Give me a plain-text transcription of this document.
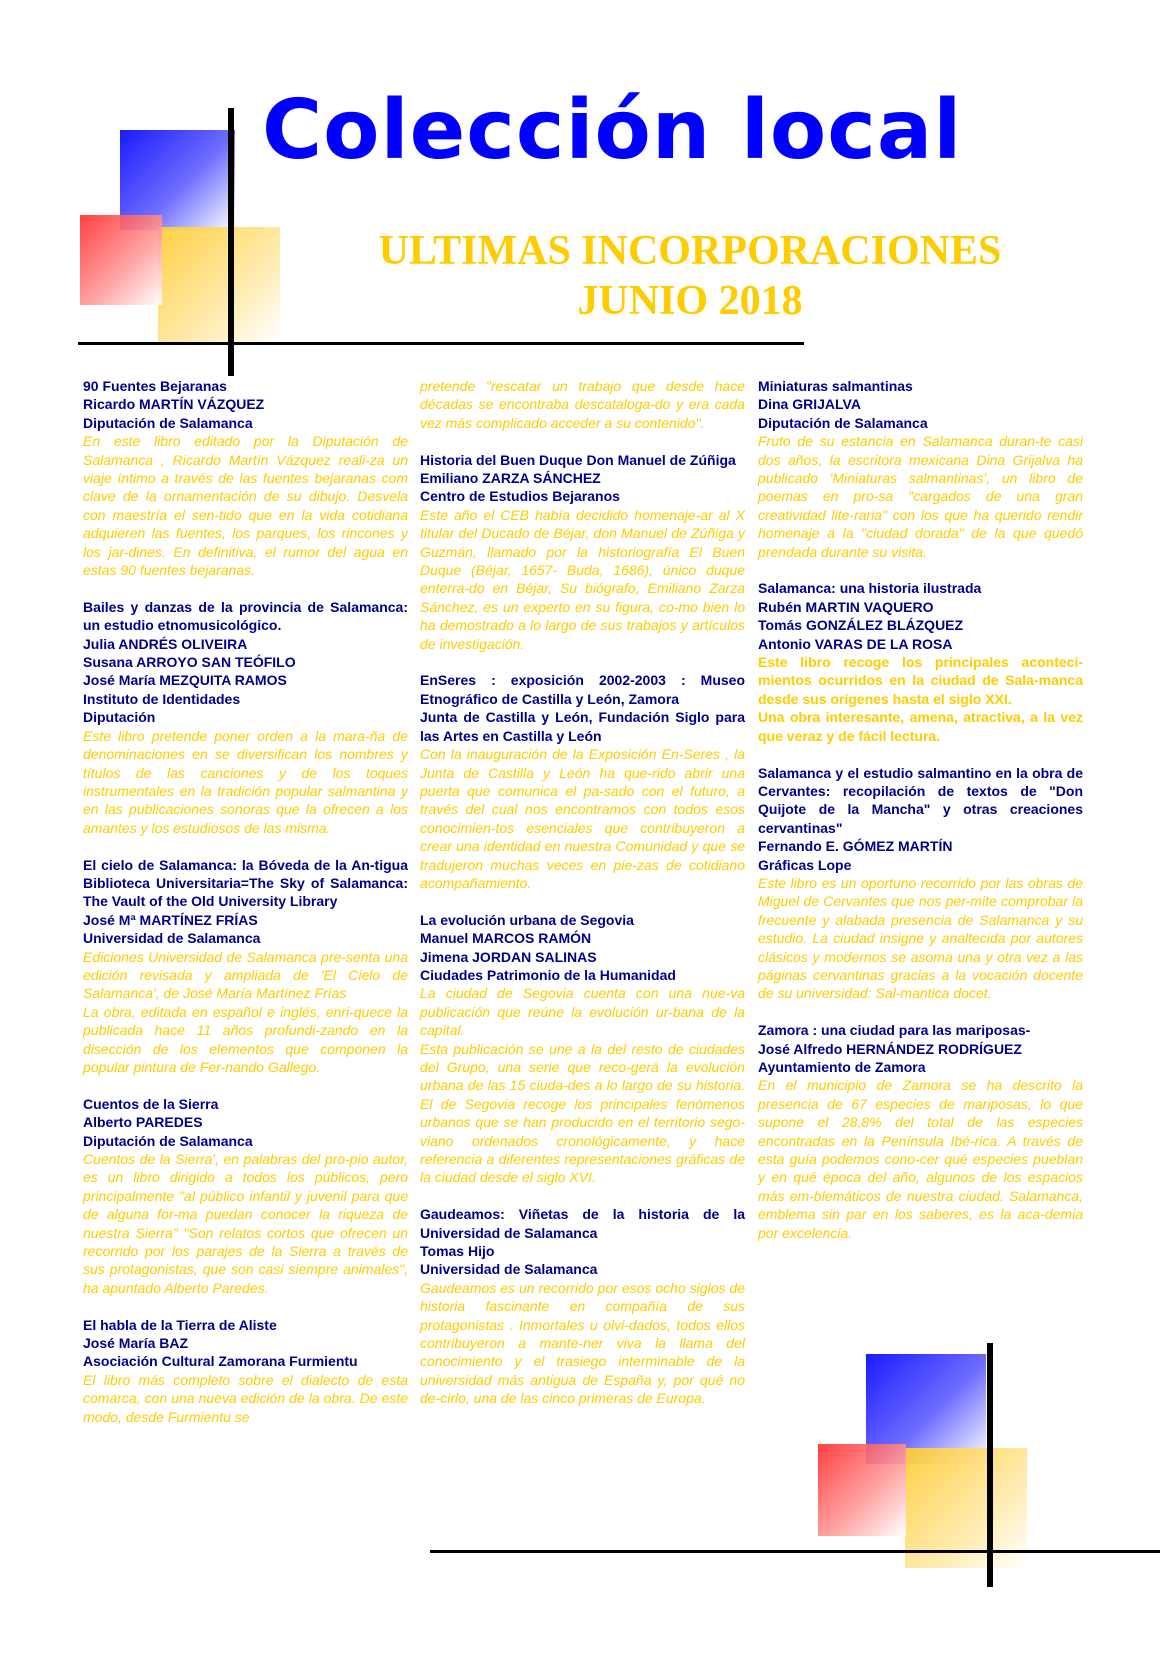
Colección local
ULTIMAS INCORPORACIONES
JUNIO 2018
90 Fuentes Bejaranas
Ricardo MARTÍN VÁZQUEZ
Diputación de Salamanca
En este libro editado por la Diputación de Salamanca , Ricardo Martín Vázquez reali-za un viaje íntimo a través de las fuentes bejaranas com clave de la ornamentación de su dibujo. Desvela con maestría el sen-tido que en la vida cotidiana adquieren las fuentes, los parques, los rincones y los jar-dines. En definitiva, el rumor del agua en estas 90 fuentes bejaranas.
Bailes y danzas de la provincia de Salamanca: un estudio etnomusicológico.
Julia ANDRÉS OLIVEIRA
Susana ARROYO SAN TEÓFILO
José María MEZQUITA RAMOS
Instituto de Identidades
Diputación
Este libro pretende poner orden a la mara-ña de denominaciones en se diversifican los nombres y títulos de las canciones y de los toques instrumentales en la tradición popular salmantina y en las publicaciones sonoras que la ofrecen a los amantes y los estudiosos de las misma.
El cielo de Salamanca: la Bóveda de la An-tigua Biblioteca Universitaria=The Sky of Salamanca: The Vault of the Old University Library
José Mª MARTÍNEZ FRÍAS
Universidad de Salamanca
Ediciones Universidad de Salamanca pre-senta una edición revisada y ampliada de 'El Cielo de Salamanca', de José María Martínez Frías
La obra, editada en español e inglés, enri-quece la publicada hace 11 años profundi-zando en la disección de los elementos que componen la popular pintura de Fer-nando Gallego.
Cuentos de la Sierra
Alberto PAREDES
Diputación de Salamanca
Cuentos de la Sierra', en palabras del pro-pio autor, es un libro dirigido a todos los públicos, pero principalmente "al público infantil y juvenil para que de alguna for-ma puedan conocer la riqueza de nuestra Sierra" "Son relatos cortos que ofrecen un recorrido por los parajes de la Sierra a través de sus protagonistas, que son casi siempre animales", ha apuntado Alberto Paredes.
El habla de la Tierra de Aliste
José María BAZ
Asociación Cultural Zamorana Furmientu
El libro más completo sobre el dialecto de esta comarca, con una nueva edición de la obra. De este modo, desde Furmientu se
pretende "rescatar un trabajo que desde hace décadas se encontraba descataloga-do y era cada vez más complicado acceder a su contenido".
Historia del Buen Duque Don Manuel de Zúñiga
Emiliano ZARZA SÁNCHEZ
Centro de Estudios Bejaranos
Este año el CEB había decidido homenaje-ar al X titular del Ducado de Béjar, don Manuel de Zúñiga y Guzmán, llamado por la historiografía El Buen Duque (Béjar, 1657- Buda, 1686), único duque enterra-do en Béjar, Su biógrafo, Emiliano Zarza Sánchez, es un experto en su figura, co-mo bien lo ha demostrado a lo largo de sus trabajos y artículos de investigación.
EnSeres : exposición 2002-2003 : Museo Etnográfico de Castilla y León, Zamora
Junta de Castilla y León, Fundación Siglo para las Artes en Castilla y León
Con la inauguración de la Exposición En-Seres , la Junta de Castilla y León ha que-rido abrir una puerta que comunica el pa-sado con el futuro, a través del cual nos encontramos con todos esos conocimien-tos esenciales que contribuyeron a crear una identidad en nuestra Comunidad y que se tradujeron muchas veces en pie-zas de cotidiano acompañamiento.
La evolución urbana de Segovia
Manuel MARCOS RAMÓN
Jimena JORDAN SALINAS
Ciudades Patrimonio de la Humanidad
La ciudad de Segovia cuenta con una nue-va publicación que reúne la evolución ur-bana de la capital.
Esta publicación se une a la del resto de ciudades del Grupo, una serie que reco-gerá la evolución urbana de las 15 ciuda-des a lo largo de su historia. El de Segovia recoge los principales fenómenos urbanos que se han producido en el territorio sego-viano ordenados cronológicamente, y hace referencia a diferentes representaciones gráficas de la ciudad desde el siglo XVI.
Gaudeamos: Viñetas de la historia de la Universidad de Salamanca
Tomas Hijo
Universidad de Salamanca
Gaudeamos es un recorrido por esos ocho siglos de historia fascinante en compañía de sus protagonistas . Inmortales u olvi-dados, todos ellos contribuyeron a mante-ner viva la llama del conocimiento y el trasiego interminable de la universidad más antigua de España y, por qué no de-cirlo, una de las cinco primeras de Europa.
Miniaturas salmantinas
Dina GRIJALVA
Diputación de Salamanca
Fruto de su estancia en Salamanca duran-te casi dos años, la escritora mexicana Dina Grijalva ha publicado 'Miniaturas salmantinas', un libro de poemas en pro-sa "cargados de una gran creatividad lite-raria" con los que ha querido rendir homenaje a la "ciudad dorada" de la que quedó prendada durante su visita.
Salamanca: una historia ilustrada
Rubén MARTIN VAQUERO
Tomás GONZÁLEZ BLÁZQUEZ
Antonio VARAS DE LA ROSA
Este libro recoge los principales aconteci-mientos ocurridos en la ciudad de Sala-manca desde sus orígenes hasta el siglo XXI.
Una obra interesante, amena, atractiva, a la vez que veraz y de fácil lectura.
Salamanca y el estudio salmantino en la obra de Cervantes: recopilación de textos de "Don Quijote de la Mancha" y otras creaciones cervantinas"
Fernando E. GÓMEZ MARTÍN
Gráficas Lope
Este libro es un oportuno recorrido por las obras de Miguel de Cervantes que nos per-mite comprobar la frecuente y alabada presencia de Salamanca y su estudio. La ciudad insigne y analtecida por autores clásicos y modernos se asoma una y otra vez a las páginas cervantinas gracias a la vocación docente de su universidad: Sal-mantica docet.
Zamora : una ciudad para las mariposas-
José Alfredo HERNÁNDEZ RODRÍGUEZ
Ayuntamiento de Zamora
En el municipio de Zamora se ha descrito la presencia de 67 especies de mariposas, lo que supone el 28,8% del total de las especies encontradas en la Península Ibé-rica. A través de esta guía podemos cono-cer qué especies pueblan y en qué época del año, algunos de los espacios más em-blemáticos de nuestra ciudad. Salamanca, emblema sin par en los saberes, es la aca-demia por excelencia.
